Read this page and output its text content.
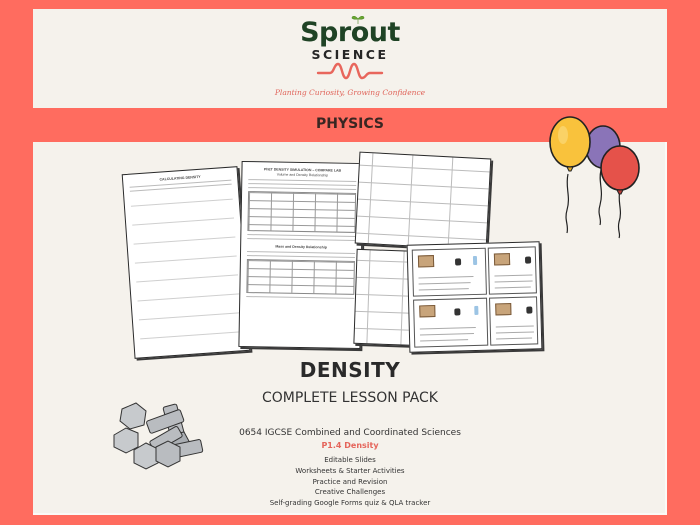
Sprout
SCIENCE
Planting Curiosity, Growing Confidence
PHYSICS
CALCULATING DENSITY
PhET DENSITY SIMULATION – COMPARE LAB
Volume and Density Relationship
Mass and Density Relationship
DENSITY
COMPLETE LESSON PACK
0654 IGCSE Combined and Coordinated Sciences
P1.4 Density
Editable Slides
Worksheets & Starter Activities
Practice and Revision
Creative Challenges
Self-grading Google Forms quiz & QLA tracker
